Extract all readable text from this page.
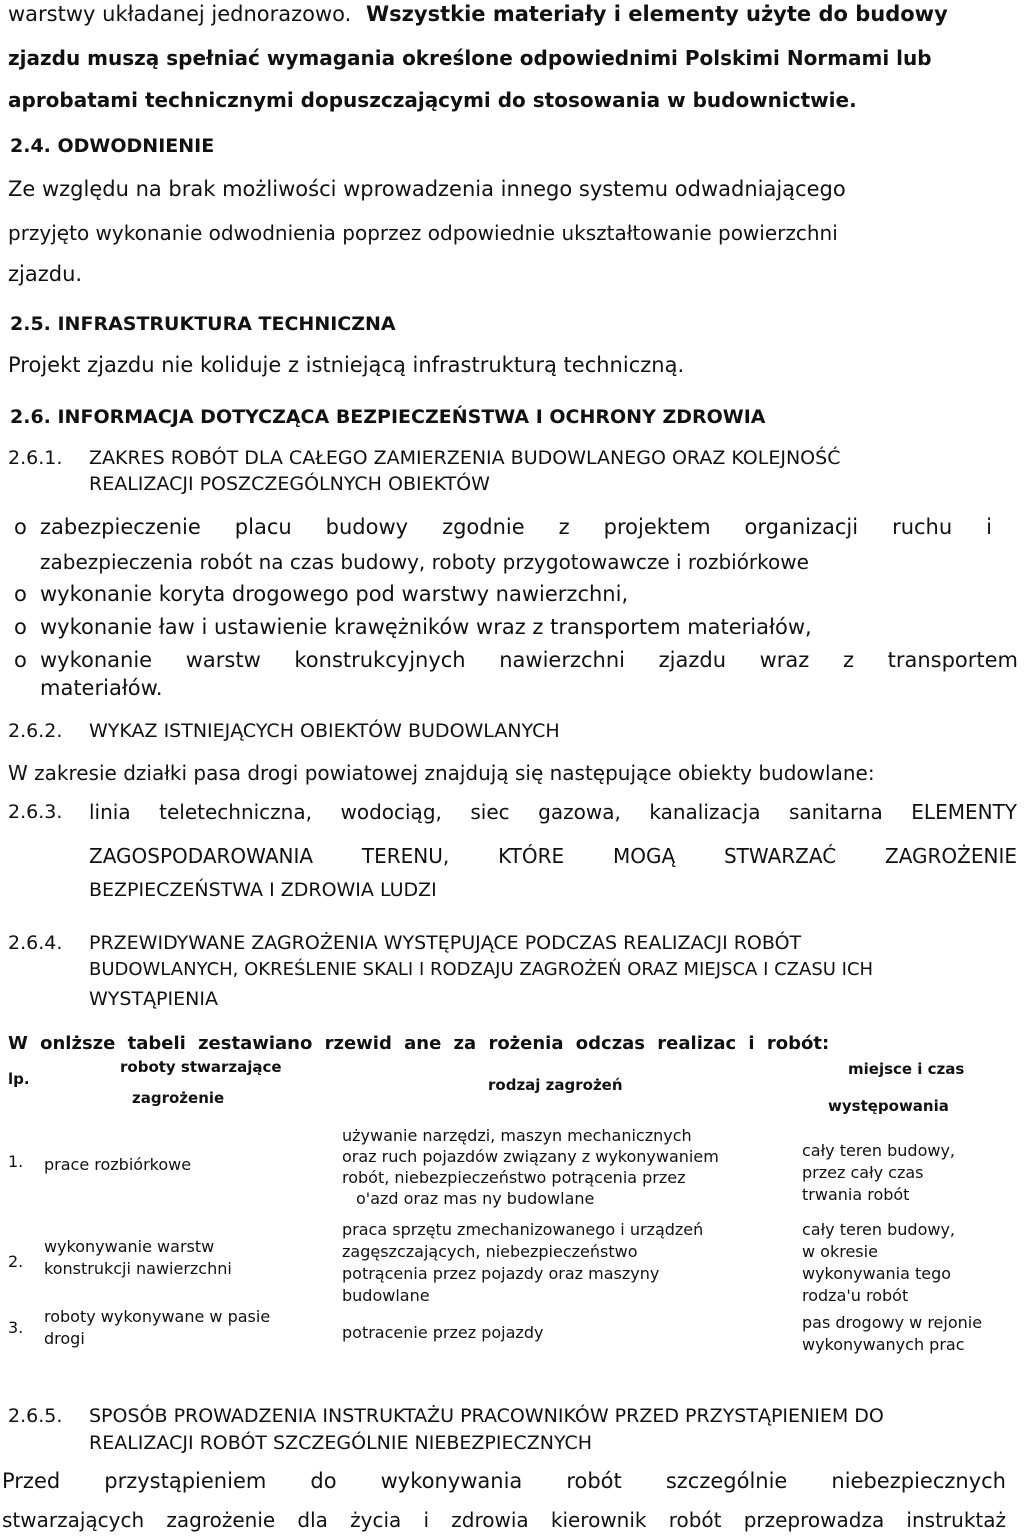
warstwy układanej jednorazowo. Wszystkie materiały i elementy użyte do budowy
zjazdu muszą spełniać wymagania określone odpowiednimi Polskimi Normami lub
aprobatami technicznymi dopuszczającymi do stosowania w budownictwie.
2.4. ODWODNIENIE
Ze względu na brak możliwości wprowadzenia innego systemu odwadniającego
przyjęto wykonanie odwodnienia poprzez odpowiednie ukształtowanie powierzchni
zjazdu.
2.5. INFRASTRUKTURA TECHNICZNA
Projekt zjazdu nie koliduje z istniejącą infrastrukturą techniczną.
2.6. INFORMACJA DOTYCZĄCA BEZPIECZEŃSTWA I OCHRONY ZDROWIA
2.6.1. ZAKRES ROBÓT DLA CAŁEGO ZAMIERZENIA BUDOWLANEGO ORAZ KOLEJNOŚĆ
REALIZACJI POSZCZEGÓLNYCH OBIEKTÓW
o zabezpieczenie placu budowy zgodnie z projektem organizacji ruchu i
zabezpieczenia robót na czas budowy, roboty przygotowawcze i rozbiórkowe
o wykonanie koryta drogowego pod warstwy nawierzchni,
o wykonanie ław i ustawienie krawężników wraz z transportem materiałów,
o wykonanie warstw konstrukcyjnych nawierzchni zjazdu wraz z transportem
materiałów.
2.6.2. WYKAZ ISTNIEJĄCYCH OBIEKTÓW BUDOWLANYCH
W zakresie działki pasa drogi powiatowej znajdują się następujące obiekty budowlane:
2.6.3. linia teletechniczna, wodociąg, siec gazowa, kanalizacja sanitarna ELEMENTY
ZAGOSPODAROWANIA TERENU, KTÓRE MOGĄ STWARZAĆ ZAGROŻENIE
BEZPIECZEŃSTWA I ZDROWIA LUDZI
2.6.4. PRZEWIDYWANE ZAGROŻENIA WYSTĘPUJĄCE PODCZAS REALIZACJI ROBÓT
BUDOWLANYCH, OKREŚLENIE SKALI I RODZAJU ZAGROŻEŃ ORAZ MIEJSCA I CZASU ICH
WYSTĄPIENIA
W onlższe tabeli zestawiano rzewid ane za rożenia odczas realizac i robót:
lp.
roboty stwarzające
zagrożenie
rodzaj zagrożeń
miejsce i czas
występowania
1. prace rozbiórkowe
używanie narzędzi, maszyn mechanicznych
oraz ruch pojazdów związany z wykonywaniem
robót, niebezpieczeństwo potrącenia przez
o'azd oraz mas ny budowlane
cały teren budowy,
przez cały czas
trwania robót
2.
wykonywanie warstw
konstrukcji nawierzchni
praca sprzętu zmechanizowanego i urządzeń
zagęszczających, niebezpieczeństwo
potrącenia przez pojazdy oraz maszyny
budowlane
cały teren budowy,
w okresie
wykonywania tego
rodza'u robót
3.
roboty wykonywane w pasie
drogi	potracenie przez pojazdy
pas drogowy w rejonie
wykonywanych prac
2.6.5. SPOSÓB PROWADZENIA INSTRUKTAŻU PRACOWNIKÓW PRZED PRZYSTĄPIENIEM DO
REALIZACJI ROBÓT SZCZEGÓLNIE NIEBEZPIECZNYCH
Przed przystąpieniem do wykonywania robót szczególnie niebezpiecznych
stwarzających zagrożenie dla życia i zdrowia kierownik robót przeprowadza instruktaż
